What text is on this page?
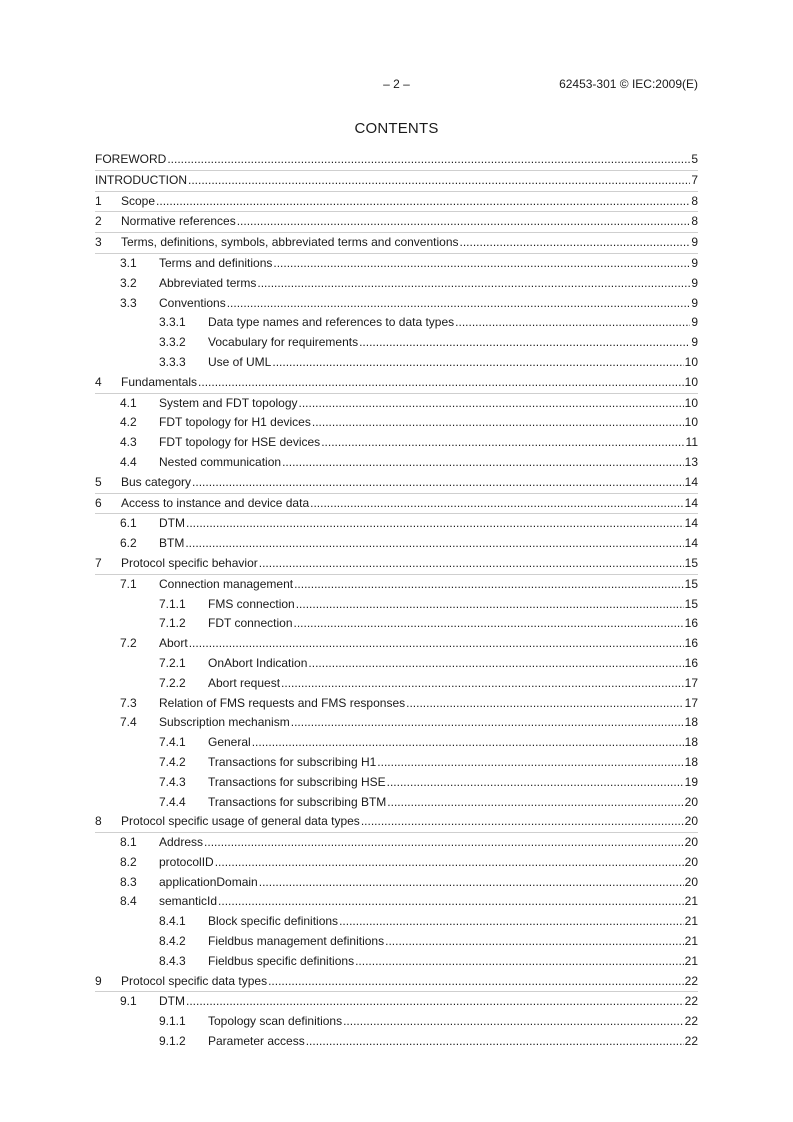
– 2 –	62453-301 © IEC:2009(E)
CONTENTS
FOREWORD .....	5
INTRODUCTION .....	7
1	Scope .....	8
2	Normative references .....	8
3	Terms, definitions, symbols, abbreviated terms and conventions .....	9
3.1	Terms and definitions .....	9
3.2	Abbreviated terms .....	9
3.3	Conventions .....	9
3.3.1	Data type names and references to data types .....	9
3.3.2	Vocabulary for requirements .....	9
3.3.3	Use of UML .....	10
4	Fundamentals .....	10
4.1	System and FDT topology .....	10
4.2	FDT topology for H1 devices .....	10
4.3	FDT topology for HSE devices .....	11
4.4	Nested communication .....	13
5	Bus category .....	14
6	Access to instance and device data .....	14
6.1	DTM .....	14
6.2	BTM .....	14
7	Protocol specific behavior .....	15
7.1	Connection management .....	15
7.1.1	FMS connection .....	15
7.1.2	FDT connection .....	16
7.2	Abort .....	16
7.2.1	OnAbort Indication .....	16
7.2.2	Abort request .....	17
7.3	Relation of FMS requests and FMS responses .....	17
7.4	Subscription mechanism .....	18
7.4.1	General .....	18
7.4.2	Transactions for subscribing H1 .....	18
7.4.3	Transactions for subscribing HSE .....	19
7.4.4	Transactions for subscribing BTM .....	20
8	Protocol specific usage of general data types .....	20
8.1	Address .....	20
8.2	protocolID .....	20
8.3	applicationDomain .....	20
8.4	semanticId .....	21
8.4.1	Block specific definitions .....	21
8.4.2	Fieldbus management definitions .....	21
8.4.3	Fieldbus specific definitions .....	21
9	Protocol specific data types .....	22
9.1	DTM .....	22
9.1.1	Topology scan definitions .....	22
9.1.2	Parameter access .....	22
